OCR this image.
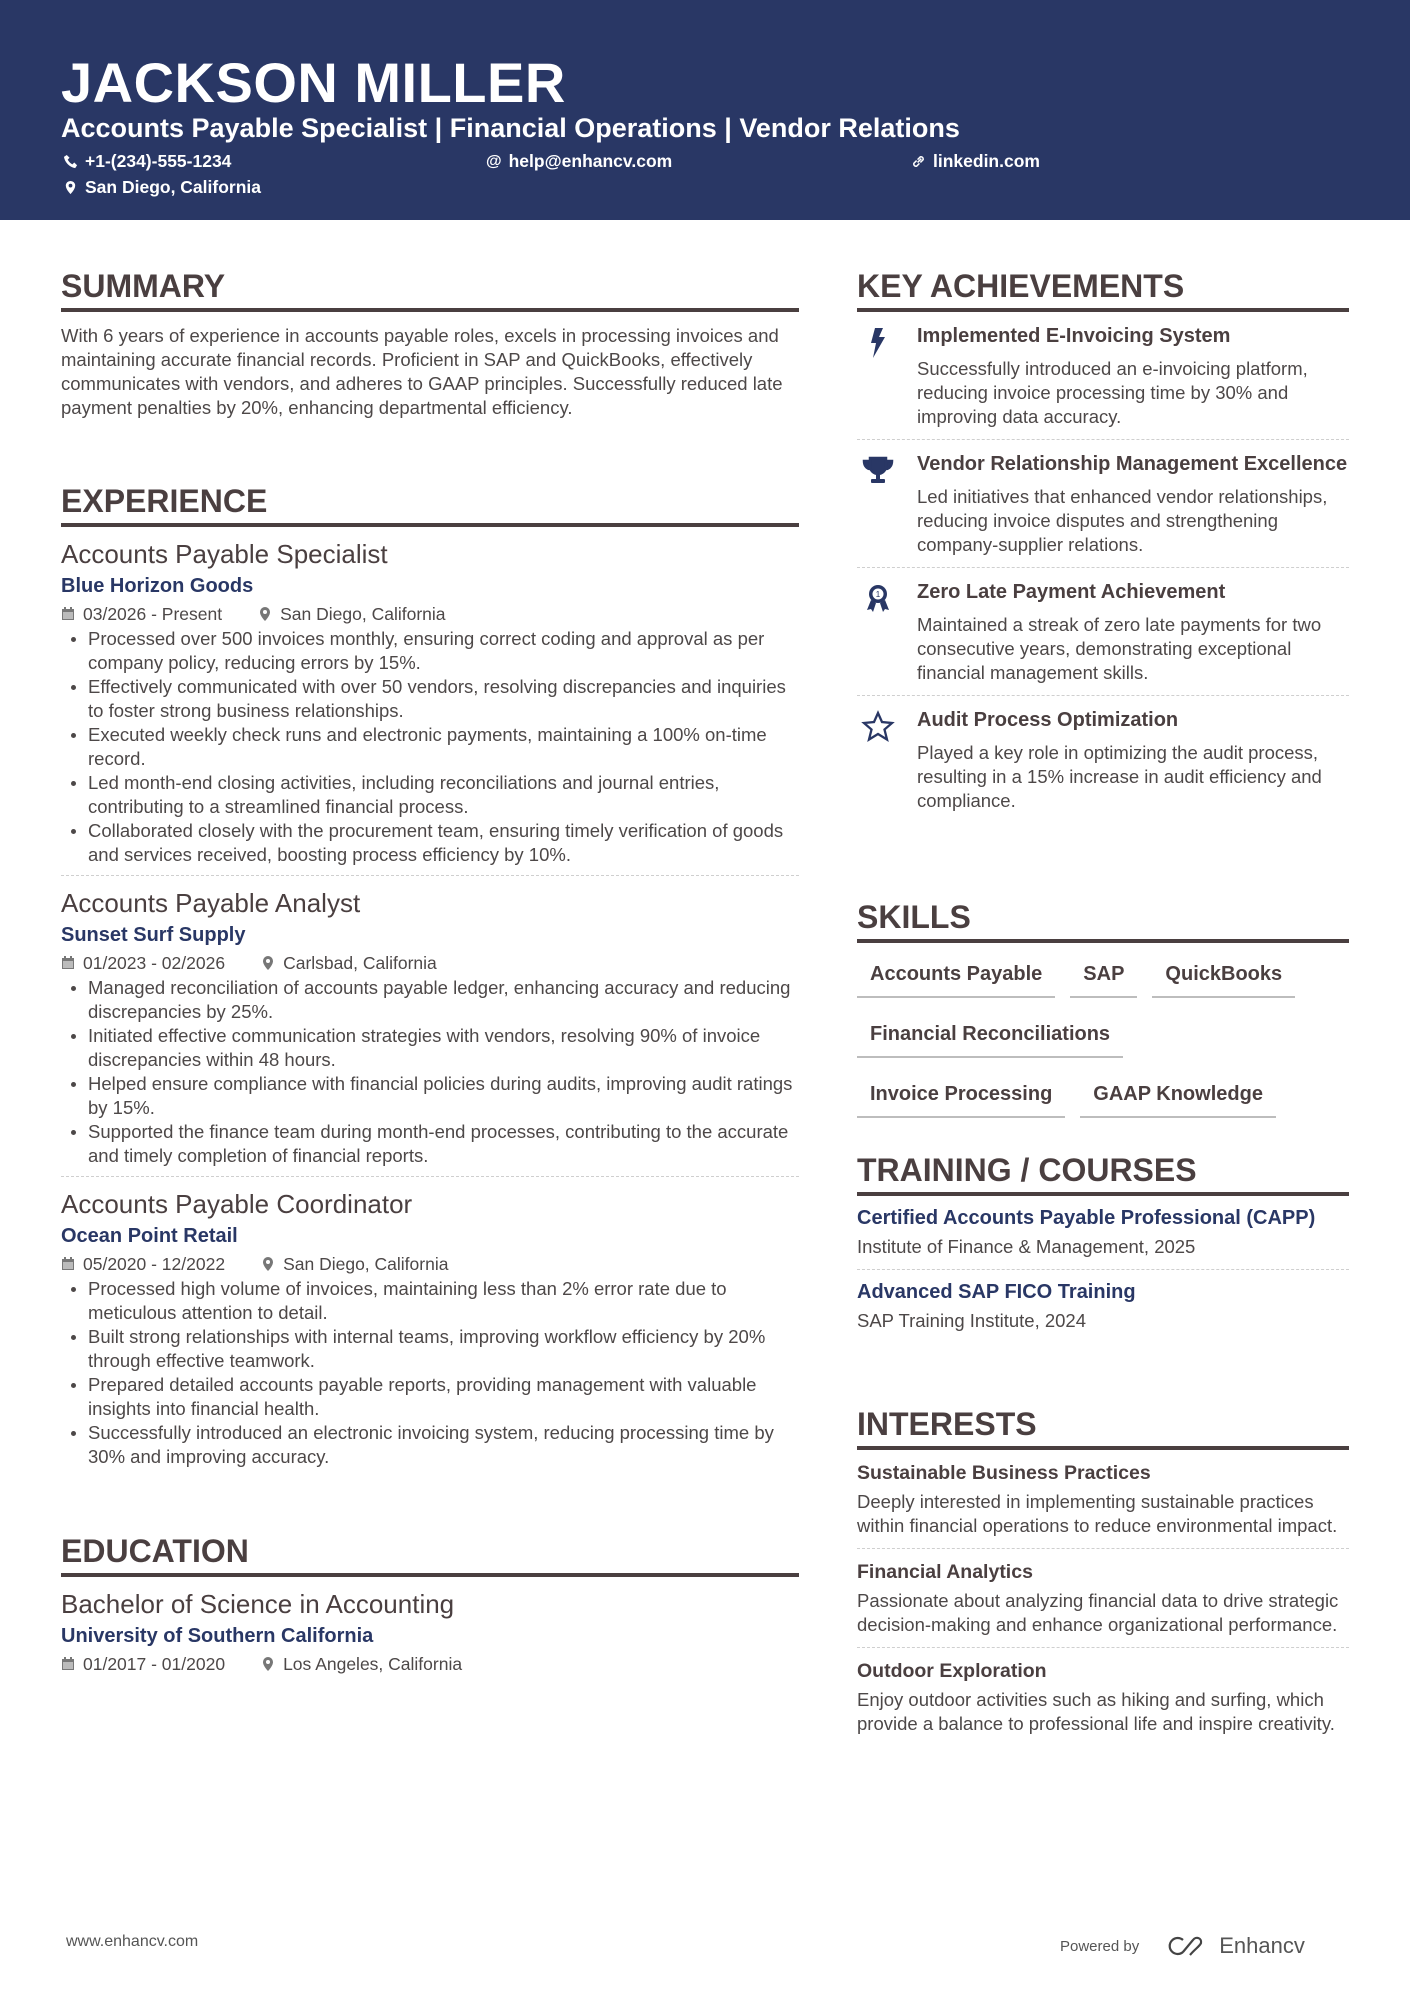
JACKSON MILLER
Accounts Payable Specialist | Financial Operations | Vendor Relations
+1-(234)-555-1234	@ help@enhancv.com	linkedin.com
San Diego, California
SUMMARY
With 6 years of experience in accounts payable roles, excels in processing invoices and maintaining accurate financial records. Proficient in SAP and QuickBooks, effectively communicates with vendors, and adheres to GAAP principles. Successfully reduced late payment penalties by 20%, enhancing departmental efficiency.
EXPERIENCE
Accounts Payable Specialist
Blue Horizon Goods
03/2026 - Present	San Diego, California
Processed over 500 invoices monthly, ensuring correct coding and approval as per company policy, reducing errors by 15%.
Effectively communicated with over 50 vendors, resolving discrepancies and inquiries to foster strong business relationships.
Executed weekly check runs and electronic payments, maintaining a 100% on-time record.
Led month-end closing activities, including reconciliations and journal entries, contributing to a streamlined financial process.
Collaborated closely with the procurement team, ensuring timely verification of goods and services received, boosting process efficiency by 10%.
Accounts Payable Analyst
Sunset Surf Supply
01/2023 - 02/2026	Carlsbad, California
Managed reconciliation of accounts payable ledger, enhancing accuracy and reducing discrepancies by 25%.
Initiated effective communication strategies with vendors, resolving 90% of invoice discrepancies within 48 hours.
Helped ensure compliance with financial policies during audits, improving audit ratings by 15%.
Supported the finance team during month-end processes, contributing to the accurate and timely completion of financial reports.
Accounts Payable Coordinator
Ocean Point Retail
05/2020 - 12/2022	San Diego, California
Processed high volume of invoices, maintaining less than 2% error rate due to meticulous attention to detail.
Built strong relationships with internal teams, improving workflow efficiency by 20% through effective teamwork.
Prepared detailed accounts payable reports, providing management with valuable insights into financial health.
Successfully introduced an electronic invoicing system, reducing processing time by 30% and improving accuracy.
EDUCATION
Bachelor of Science in Accounting
University of Southern California
01/2017 - 01/2020	Los Angeles, California
KEY ACHIEVEMENTS
Implemented E-Invoicing System
Successfully introduced an e-invoicing platform, reducing invoice processing time by 30% and improving data accuracy.
Vendor Relationship Management Excellence
Led initiatives that enhanced vendor relationships, reducing invoice disputes and strengthening company-supplier relations.
1 Zero Late Payment Achievement
Maintained a streak of zero late payments for two consecutive years, demonstrating exceptional financial management skills.
Audit Process Optimization
Played a key role in optimizing the audit process, resulting in a 15% increase in audit efficiency and compliance.
SKILLS
Accounts Payable	SAP	QuickBooks
Financial Reconciliations
Invoice Processing	GAAP Knowledge
TRAINING / COURSES
Certified Accounts Payable Professional (CAPP)
Institute of Finance & Management, 2025
Advanced SAP FICO Training
SAP Training Institute, 2024
INTERESTS
Sustainable Business Practices
Deeply interested in implementing sustainable practices within financial operations to reduce environmental impact.
Financial Analytics
Passionate about analyzing financial data to drive strategic decision-making and enhance organizational performance.
Outdoor Exploration
Enjoy outdoor activities such as hiking and surfing, which provide a balance to professional life and inspire creativity.
www.enhancv.com	Powered by	Enhancv
